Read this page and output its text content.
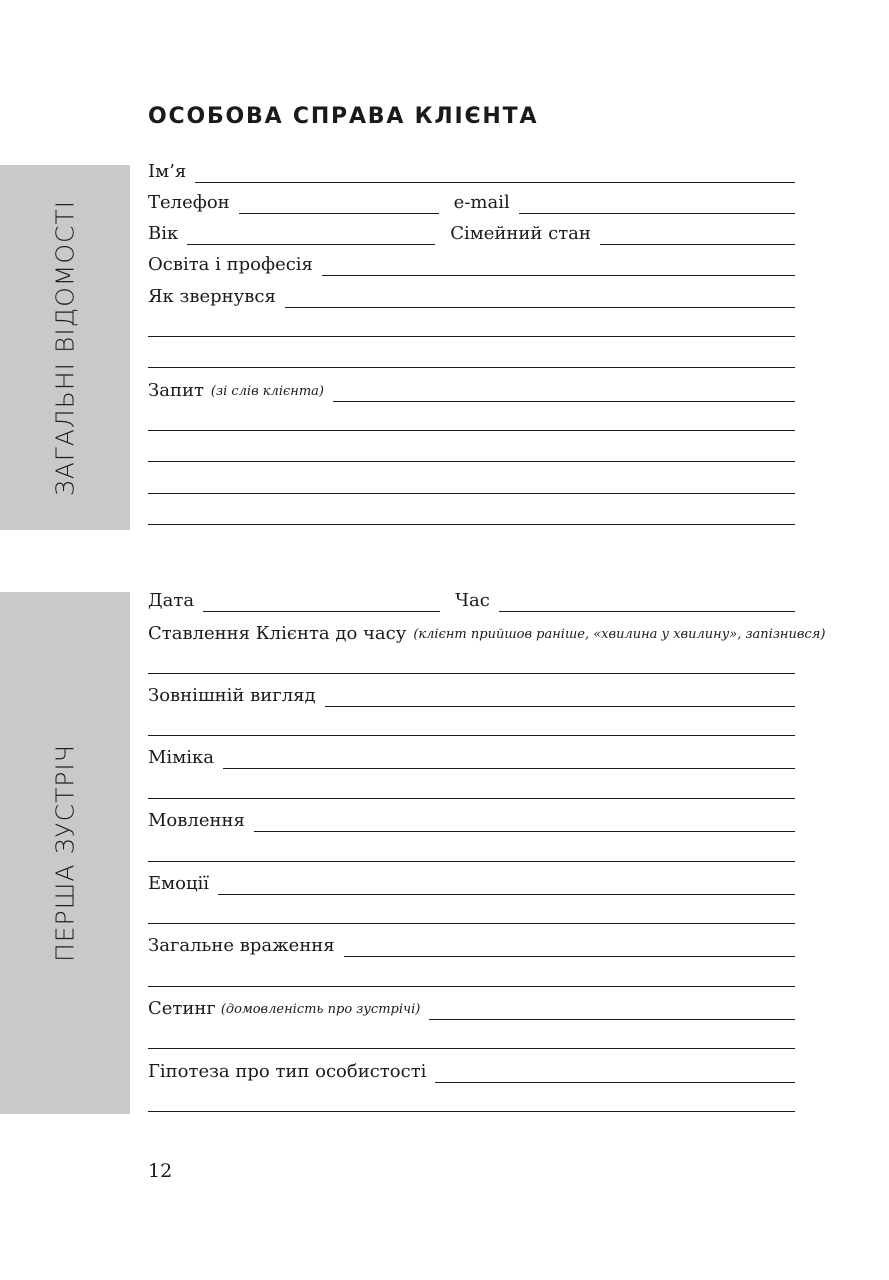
ОСОБОВА СПРАВА КЛІЄНТА
ЗАГАЛЬНІ ВІДОМОСТІ
ПЕРША ЗУСТРІЧ
Ім’я
Телефон	e-mail
Вік	Сімейний стан
Освіта і професія
Як звернувся
Запит (зі слів клієнта)
Дата	Час
Ставлення Клієнта до часу (клієнт прийшов раніше, «хвилина у хвилину», запізнився)
Зовнішній вигляд
Міміка
Мовлення
Емоції
Загальне враження
Сетинг (домовленість про зустрічі)
Гіпотеза про тип особистості
12
